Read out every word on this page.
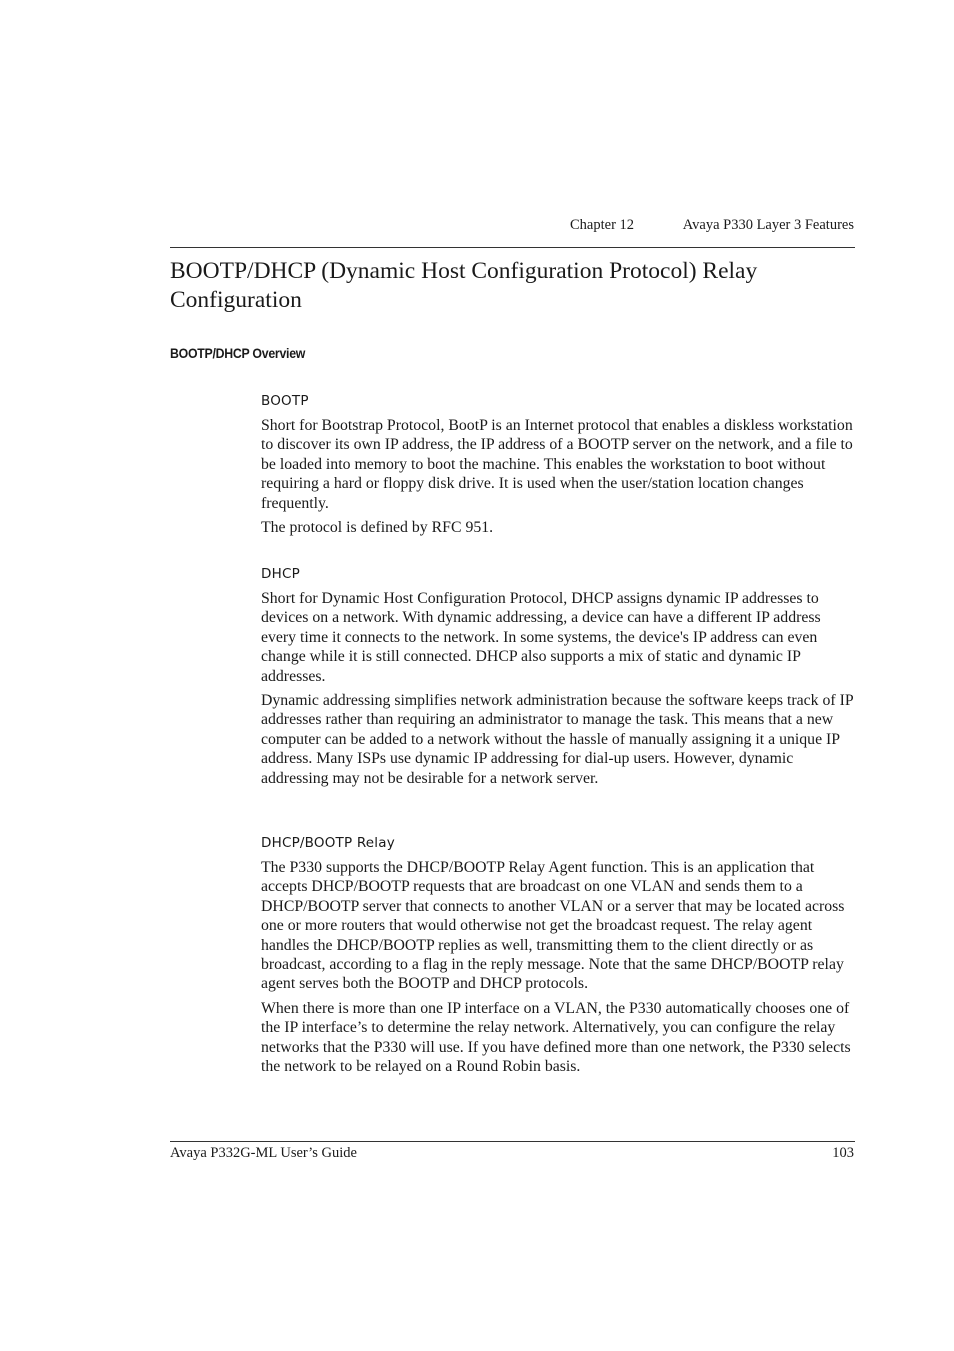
Chapter 12	Avaya P330 Layer 3 Features
BOOTP/DHCP (Dynamic Host Configuration Protocol) Relay Configuration
BOOTP/DHCP Overview
BOOTP

Short for Bootstrap Protocol, BootP is an Internet protocol that enables a diskless workstation to discover its own IP address, the IP address of a BOOTP server on the network, and a file to be loaded into memory to boot the machine. This enables the workstation to boot without requiring a hard or floppy disk drive. It is used when the user/station location changes frequently.

The protocol is defined by RFC 951.

DHCP

Short for Dynamic Host Configuration Protocol, DHCP assigns dynamic IP addresses to devices on a network. With dynamic addressing, a device can have a different IP address every time it connects to the network. In some systems, the device's IP address can even change while it is still connected. DHCP also supports a mix of static and dynamic IP addresses.

Dynamic addressing simplifies network administration because the software keeps track of IP addresses rather than requiring an administrator to manage the task. This means that a new computer can be added to a network without the hassle of manually assigning it a unique IP address. Many ISPs use dynamic IP addressing for dial-up users. However, dynamic addressing may not be desirable for a network server.

DHCP/BOOTP Relay

The P330 supports the DHCP/BOOTP Relay Agent function. This is an application that accepts DHCP/BOOTP requests that are broadcast on one VLAN and sends them to a DHCP/BOOTP server that connects to another VLAN or a server that may be located across one or more routers that would otherwise not get the broadcast request. The relay agent handles the DHCP/BOOTP replies as well, transmitting them to the client directly or as broadcast, according to a flag in the reply message. Note that the same DHCP/BOOTP relay agent serves both the BOOTP and DHCP protocols.

When there is more than one IP interface on a VLAN, the P330 automatically chooses one of the IP interface’s to determine the relay network. Alternatively, you can configure the relay networks that the P330 will use. If you have defined more than one network, the P330 selects the network to be relayed on a Round Robin basis.

Avaya P332G-ML User’s Guide	103
